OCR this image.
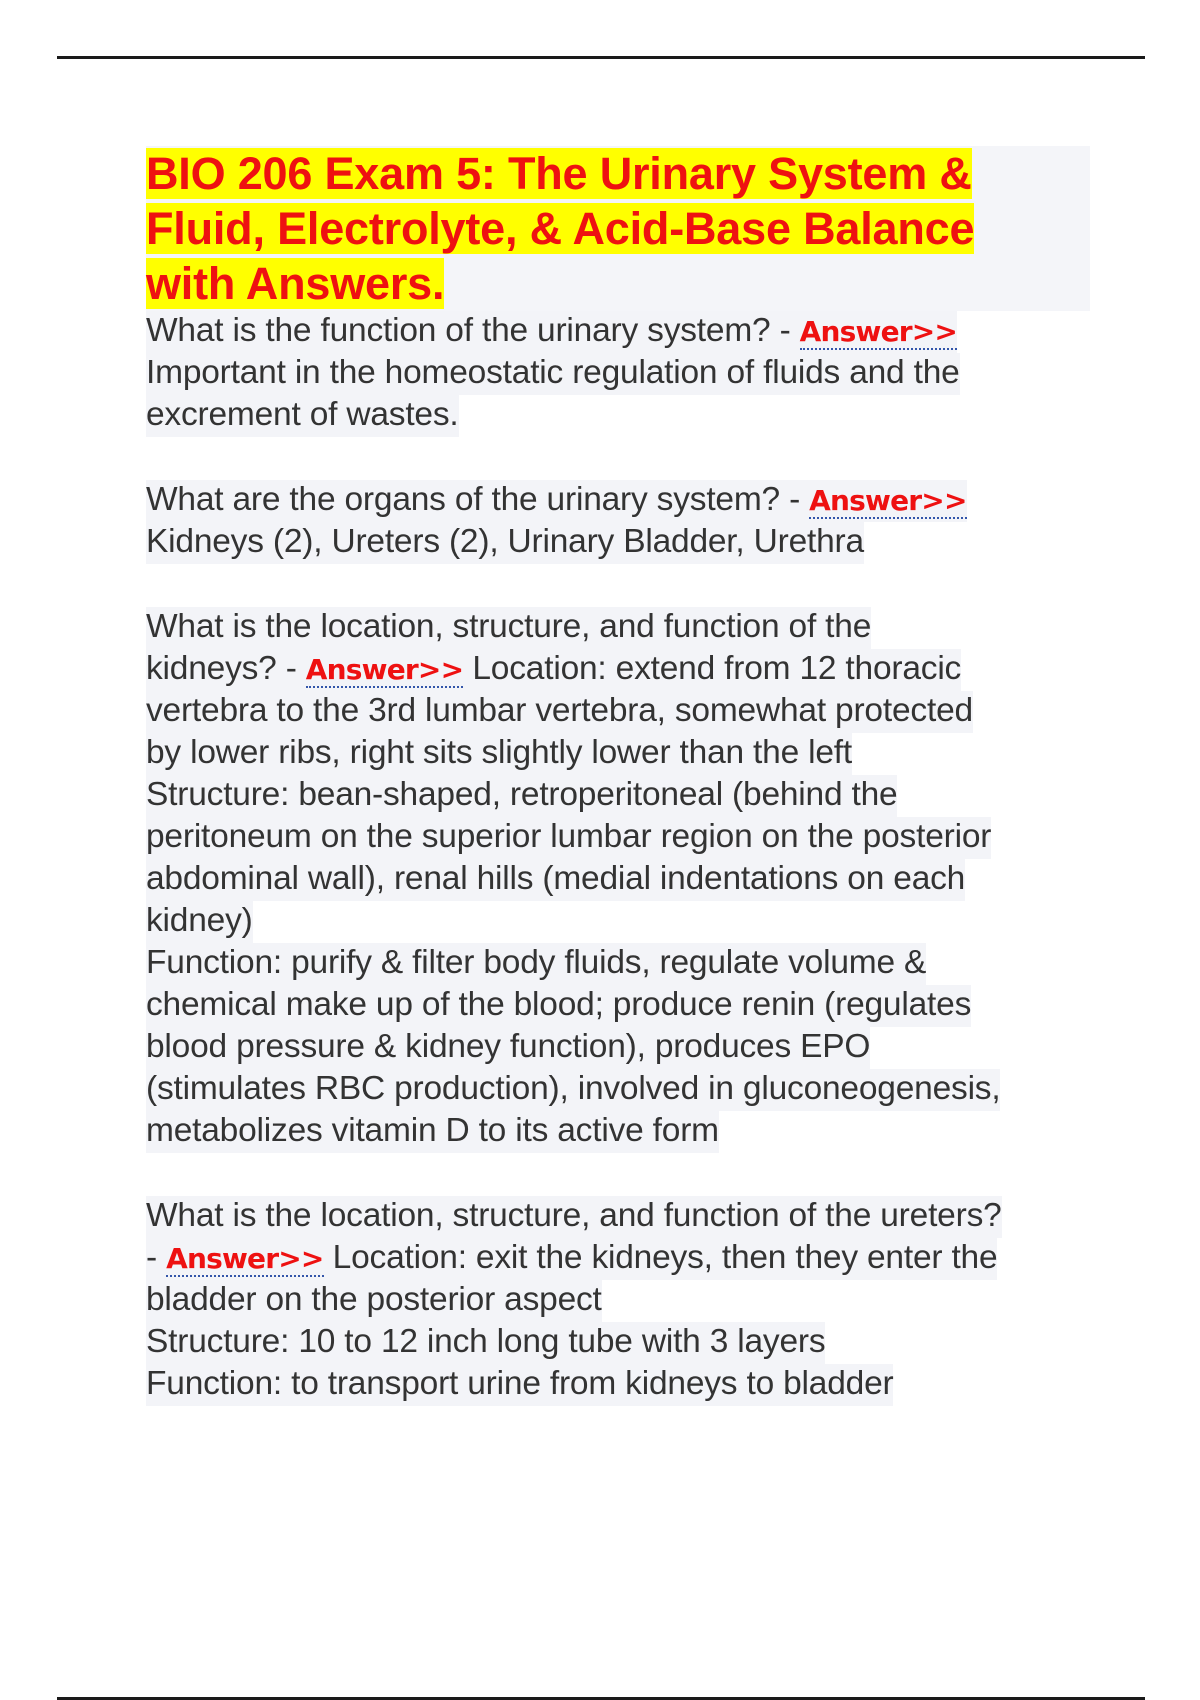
BIO 206 Exam 5: The Urinary System &
Fluid, Electrolyte, & Acid-Base Balance
with Answers.
What is the function of the urinary system? - Answer>>
Important in the homeostatic regulation of fluids and the
excrement of wastes.
What are the organs of the urinary system? - Answer>>
Kidneys (2), Ureters (2), Urinary Bladder, Urethra
What is the location, structure, and function of the
kidneys? - Answer>> Location: extend from 12 thoracic
vertebra to the 3rd lumbar vertebra, somewhat protected
by lower ribs, right sits slightly lower than the left
Structure: bean-shaped, retroperitoneal (behind the
peritoneum on the superior lumbar region on the posterior
abdominal wall), renal hills (medial indentations on each
kidney)
Function: purify & filter body fluids, regulate volume &
chemical make up of the blood; produce renin (regulates
blood pressure & kidney function), produces EPO
(stimulates RBC production), involved in gluconeogenesis,
metabolizes vitamin D to its active form
What is the location, structure, and function of the ureters?
- Answer>> Location: exit the kidneys, then they enter the
bladder on the posterior aspect
Structure: 10 to 12 inch long tube with 3 layers
Function: to transport urine from kidneys to bladder
